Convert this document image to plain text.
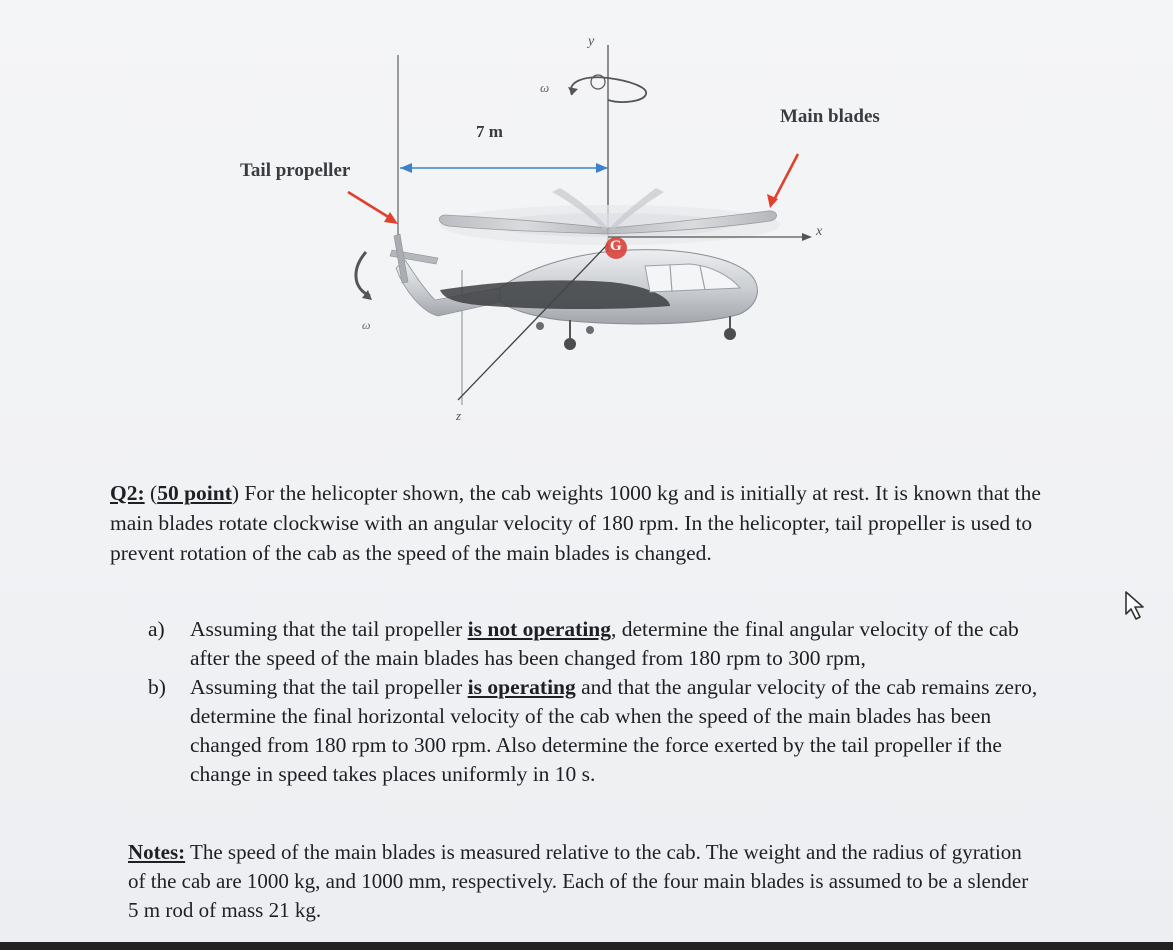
Tail propeller
Main blades
7 m
y
x
z
ω
ω
G
Q2: (50 point) For the helicopter shown, the cab weights 1000 kg and is initially at rest. It is known that the main blades rotate clockwise with an angular velocity of 180 rpm. In the helicopter, tail propeller is used to prevent rotation of the cab as the speed of the main blades is changed.
a) Assuming that the tail propeller is not operating, determine the final angular velocity of the cab after the speed of the main blades has been changed from 180 rpm to 300 rpm,
b) Assuming that the tail propeller is operating and that the angular velocity of the cab remains zero, determine the final horizontal velocity of the cab when the speed of the main blades has been changed from 180 rpm to 300 rpm. Also determine the force exerted by the tail propeller if the change in speed takes places uniformly in 10 s.
Notes: The speed of the main blades is measured relative to the cab. The weight and the radius of gyration of the cab are 1000 kg, and 1000 mm, respectively. Each of the four main blades is assumed to be a slender 5 m rod of mass 21 kg.
